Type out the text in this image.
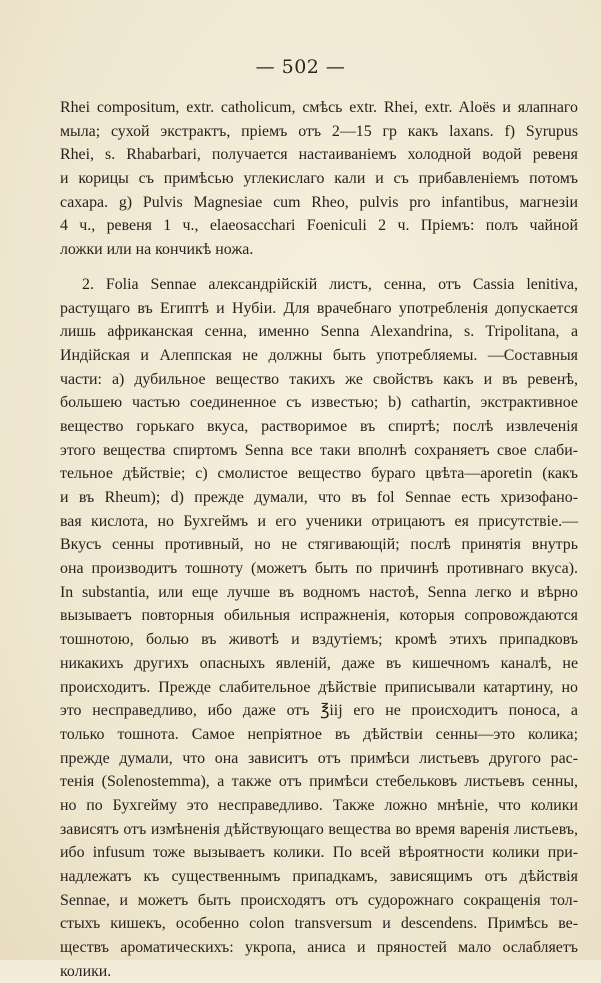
— 502 —
Rhei compositum, extr. catholicum, смѣсь extr. Rhei, extr. Aloës и ялапнаго
мыла; сухой экстрактъ, пріемъ отъ 2—15 гр какъ laxans. f) Syrupus
Rhei, s. Rhabarbari, получается настаиваніемъ холодной водой ревеня
и корицы съ примѣсью углекислаго кали и съ прибавленіемъ потомъ
сахара. g) Pulvis Magnesiae cum Rheo, pulvis pro infantibus, магнезіи
4 ч., ревеня 1 ч., elaeosacchari Foeniculi 2 ч. Пріемъ: полъ чайной
ложки или на кончикѣ ножа.
2. Folia Sennae александрійскій листъ, сенна, отъ Cassia lenitiva,
растущаго въ Египтѣ и Нубіи. Для врачебнаго употребленія допускается
лишь африканская сенна, именно Senna Alexandrina, s. Tripolitana, а
Индійская и Алеппская не должны быть употребляемы. —Составныя
части: а) дубильное вещество такихъ же свойствъ какъ и въ ревенѣ,
большею частью соединенное съ известью; b) cathartin, экстрактивное
вещество горькаго вкуса, растворимое въ спиртѣ; послѣ извлеченія
этого вещества спиртомъ Senna все таки вполнѣ сохраняетъ свое слаби-
тельное дѣйствіе; c) смолистое вещество бураго цвѣта—aporetin (какъ
и въ Rheum); d) прежде думали, что въ fol Sennae есть хризофано-
вая кислота, но Бухгеймъ и его ученики отрицаютъ ея присутствіе.—
Вкусъ сенны противный, но не стягивающій; послѣ принятія внутрь
она производитъ тошноту (можетъ быть по причинѣ противнаго вкуса).
In substantia, или еще лучше въ водномъ настоѣ, Senna легко и вѣрно
вызываетъ повторныя обильныя испражненія, которыя сопровождаются
тошнотою, болью въ животѣ и вздутіемъ; кромѣ этихъ припадковъ
никакихъ другихъ опасныхъ явленій, даже въ кишечномъ каналѣ, не
происходитъ. Прежде слабительное дѣйствіе приписывали катартину, но
это несправедливо, ибо даже отъ ℥iij его не происходитъ поноса, а
только тошнота. Самое непріятное въ дѣйствіи сенны—это колика;
прежде думали, что она зависитъ отъ примѣси листьевъ другого рас-
тенія (Solenostemma), а также отъ примѣси стебельковъ листьевъ сенны,
но по Бухгейму это несправедливо. Также ложно мнѣніе, что колики
зависятъ отъ измѣненія дѣйствующаго вещества во время варенія листьевъ,
ибо infusum тоже вызываетъ колики. По всей вѣроятности колики при-
надлежатъ къ существеннымъ припадкамъ, зависящимъ отъ дѣйствія
Sennae, и можетъ быть происходятъ отъ судорожнаго сокращенія тол-
стыхъ кишекъ, особенно colon transversum и descendens. Примѣсь ве-
ществъ ароматическихъ: укропа, аниса и пряностей мало ослабляетъ
колики.
